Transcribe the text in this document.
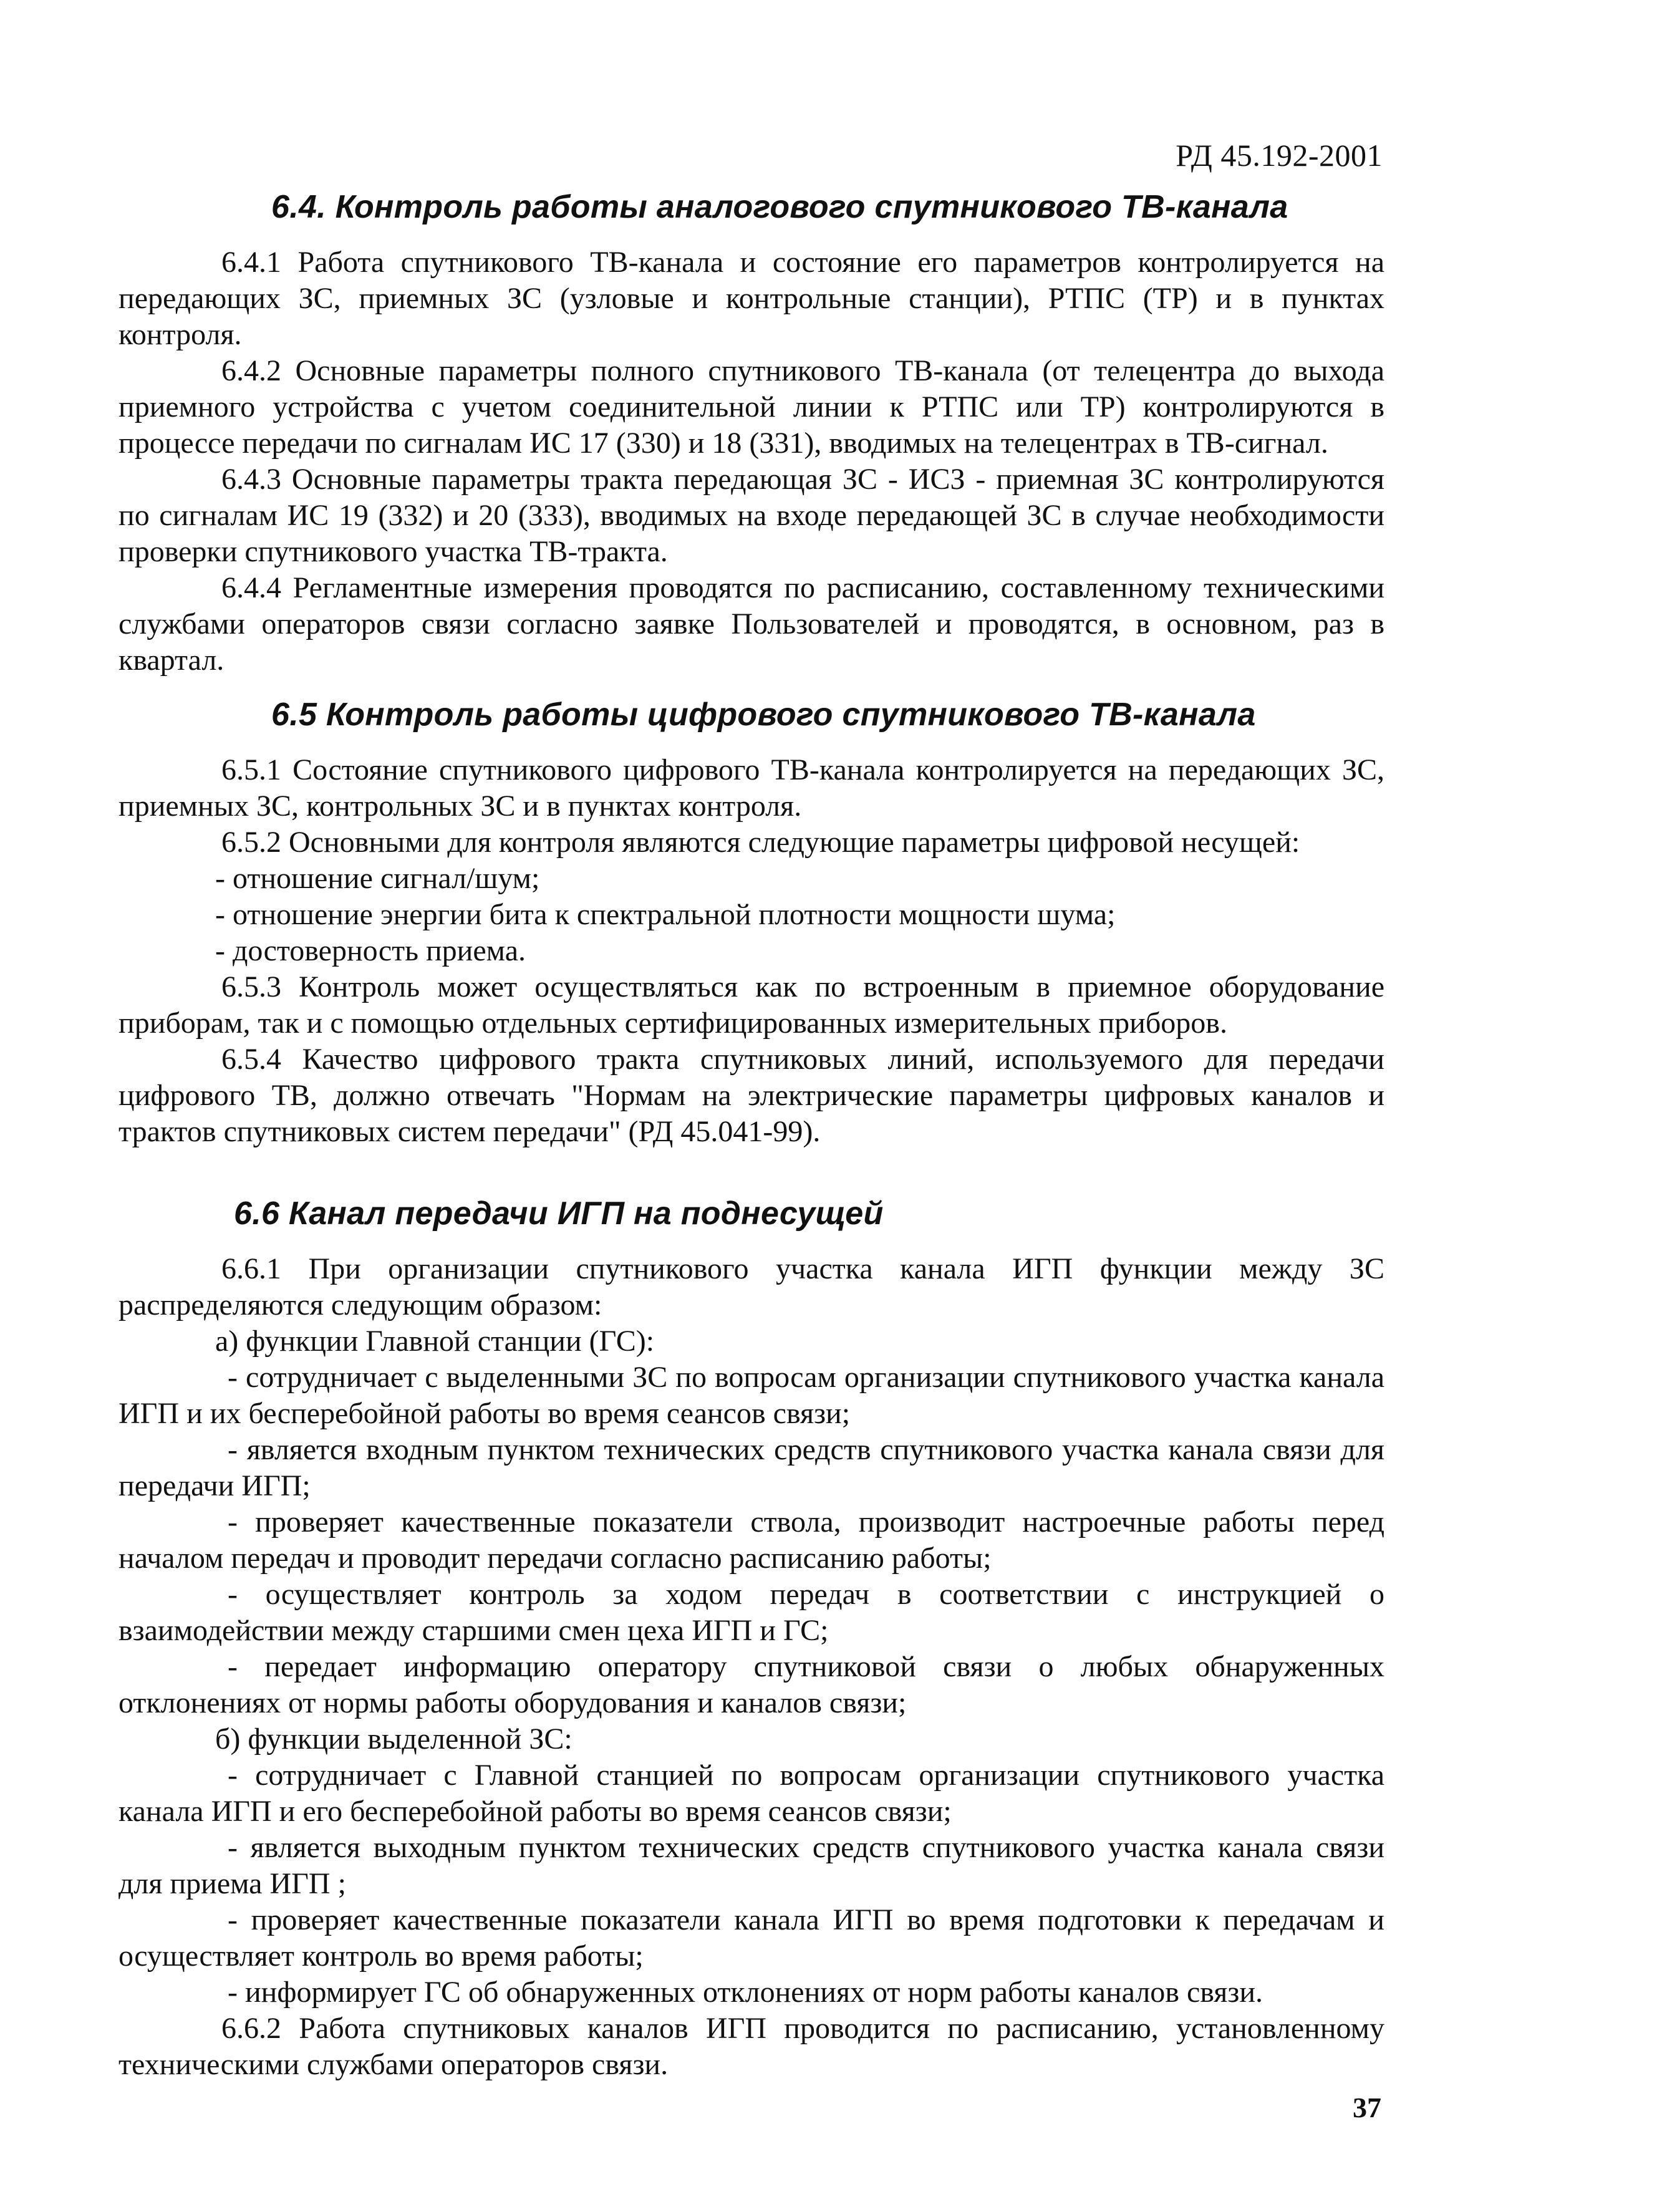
РД 45.192-2001
6.4. Контроль работы аналогового спутникового ТВ-канала

6.4.1 Работа спутникового ТВ-канала и состояние его параметров контролируется на передающих ЗС, приемных ЗС (узловые и контрольные станции), РТПС (ТР) и в пунктах контроля.

6.4.2 Основные параметры полного спутникового ТВ-канала (от телецентра до выхода приемного устройства с учетом соединительной линии к РТПС или ТР) контролируются в процессе передачи по сигналам ИС 17 (330) и 18 (331), вводимых на телецентрах в ТВ-сигнал.

6.4.3 Основные параметры тракта передающая ЗС - ИСЗ - приемная ЗС контролируются по сигналам ИС 19 (332) и 20 (333), вводимых на входе передающей ЗС в случае необходимости проверки спутникового участка ТВ-тракта.

6.4.4 Регламентные измерения проводятся по расписанию, составленному техническими службами операторов связи согласно заявке Пользователей и проводятся, в основном, раз в квартал.

6.5 Контроль работы цифрового спутникового ТВ-канала

6.5.1 Состояние спутникового цифрового ТВ-канала контролируется на передающих ЗС, приемных ЗС, контрольных ЗС и в пунктах контроля.

6.5.2 Основными для контроля являются следующие параметры цифровой несущей:

- отношение сигнал/шум;

- отношение энергии бита к спектральной плотности мощности шума;

- достоверность приема.

6.5.3 Контроль может осуществляться как по встроенным в приемное оборудование приборам, так и с помощью отдельных сертифицированных измерительных приборов.

6.5.4 Качество цифрового тракта спутниковых линий, используемого для передачи цифрового ТВ, должно отвечать "Нормам на электрические параметры цифровых каналов и трактов спутниковых систем передачи" (РД 45.041-99).

6.6 Канал передачи ИГП на поднесущей

6.6.1 При организации спутникового участка канала ИГП функции между ЗС распределяются следующим образом:

а) функции Главной станции (ГС):

- сотрудничает с выделенными ЗС по вопросам организации спутникового участка канала ИГП и их бесперебойной работы во время сеансов связи;

- является входным пунктом технических средств спутникового участка канала связи для передачи ИГП;

- проверяет качественные показатели ствола, производит настроечные работы перед началом передач и проводит передачи согласно расписанию работы;

- осуществляет контроль за ходом передач в соответствии с инструкцией о взаимодействии между старшими смен цеха ИГП и ГС;

- передает информацию оператору спутниковой связи о любых обнаруженных отклонениях от нормы работы оборудования и каналов связи;

б) функции выделенной ЗС:

- сотрудничает с Главной станцией по вопросам организации спутникового участка канала ИГП и его бесперебойной работы во время сеансов связи;

- является выходным пунктом технических средств спутникового участка канала связи для приема ИГП ;

- проверяет качественные показатели канала ИГП во время подготовки к передачам и осуществляет контроль во время работы;

- информирует ГС об обнаруженных отклонениях от норм работы каналов связи.

6.6.2 Работа спутниковых каналов ИГП проводится по расписанию, установленному техническими службами операторов связи.

37
